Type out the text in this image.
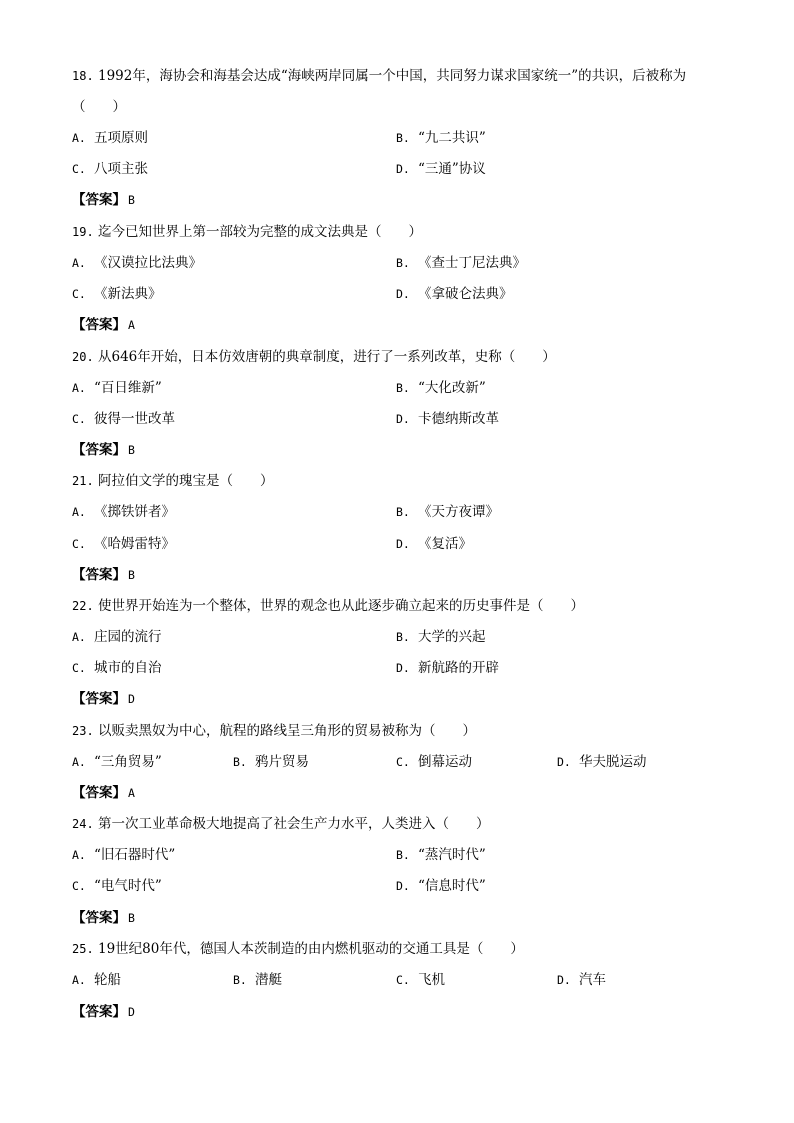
18. 1992年，海协会和海基会达成“海峡两岸同属一个中国，共同努力谋求国家统一”的共识，后被称为
（　　）
A. 五项原则	B. “九二共识”
C. 八项主张	D. “三通”协议
【答案】 B
19. 迄今已知世界上第一部较为完整的成文法典是（　　）
A. 《汉谟拉比法典》	B. 《查士丁尼法典》
C. 《新法典》	D. 《拿破仑法典》
【答案】 A
20. 从646年开始，日本仿效唐朝的典章制度，进行了一系列改革，史称（　　）
A. “百日维新”	B. “大化改新”
C. 彼得一世改革	D. 卡德纳斯改革
【答案】 B
21. 阿拉伯文学的瑰宝是（　　）
A. 《掷铁饼者》	B. 《天方夜谭》
C. 《哈姆雷特》	D. 《复活》
【答案】 B
22. 使世界开始连为一个整体，世界的观念也从此逐步确立起来的历史事件是（　　）
A. 庄园的流行	B. 大学的兴起
C. 城市的自治	D. 新航路的开辟
【答案】 D
23. 以贩卖黑奴为中心，航程的路线呈三角形的贸易被称为（　　）
A. “三角贸易”	B. 鸦片贸易	C. 倒幕运动	D. 华夫脱运动
【答案】 A
24. 第一次工业革命极大地提高了社会生产力水平，人类进入（　　）
A. “旧石器时代”	B. “蒸汽时代”
C. “电气时代”	D. “信息时代”
【答案】 B
25. 19世纪80年代，德国人本茨制造的由内燃机驱动的交通工具是（　　）
A. 轮船	B. 潜艇	C. 飞机	D. 汽车
【答案】 D
